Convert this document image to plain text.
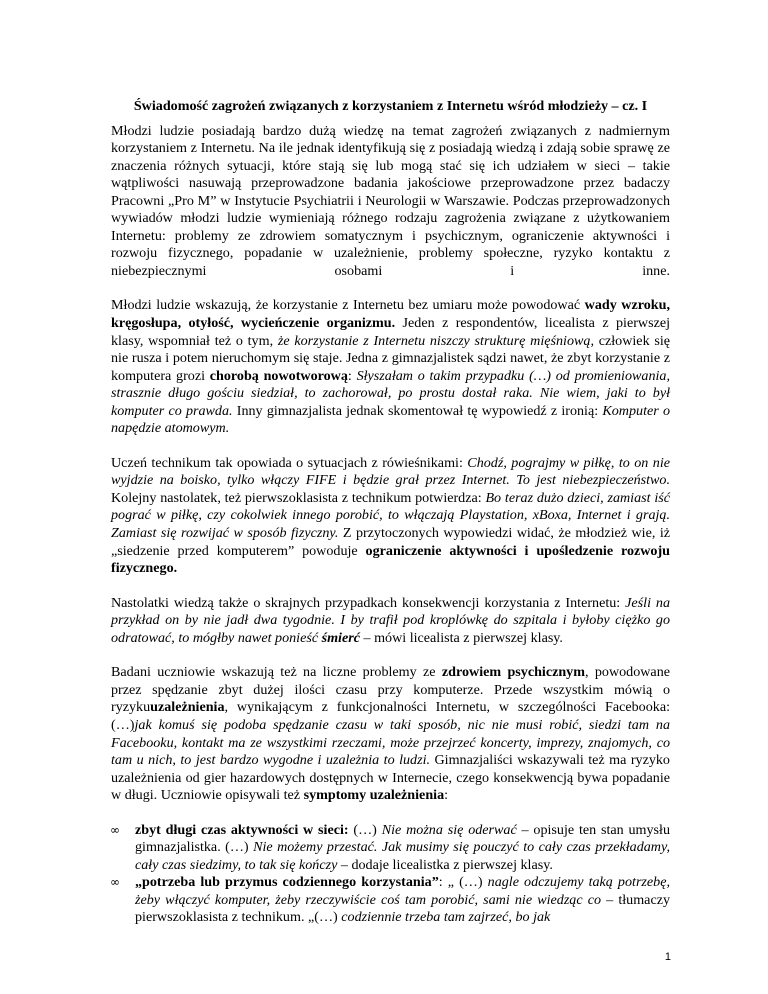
Świadomość zagrożeń związanych z korzystaniem z Internetu wśród młodzieży – cz. I

Młodzi ludzie posiadają bardzo dużą wiedzę na temat zagrożeń związanych z nadmiernym korzystaniem z Internetu. Na ile jednak identyfikują się z posiadają wiedzą i zdają sobie sprawę ze znaczenia różnych sytuacji, które stają się lub mogą stać się ich udziałem w sieci – takie wątpliwości nasuwają przeprowadzone badania jakościowe przeprowadzone przez badaczy Pracowni „Pro M” w Instytucie Psychiatrii i Neurologii w Warszawie. Podczas przeprowadzonych wywiadów młodzi ludzie wymieniają różnego rodzaju zagrożenia związane z użytkowaniem Internetu: problemy ze zdrowiem somatycznym i psychicznym, ograniczenie aktywności i rozwoju fizycznego, popadanie w uzależnienie, problemy społeczne, ryzyko kontaktu z niebezpiecznymi osobami i inne.

Młodzi ludzie wskazują, że korzystanie z Internetu bez umiaru może powodować wady wzroku, kręgosłupa, otyłość, wycieńczenie organizmu. Jeden z respondentów, licealista z pierwszej klasy, wspomniał też o tym, że korzystanie z Internetu niszczy strukturę mięśniową, człowiek się nie rusza i potem nieruchomym się staje. Jedna z gimnazjalistek sądzi nawet, że zbyt korzystanie z komputera grozi chorobą nowotworową: Słyszałam o takim przypadku (…) od promieniowania, strasznie długo gościu siedział, to zachorował, po prostu dostał raka. Nie wiem, jaki to był komputer co prawda. Inny gimnazjalista jednak skomentował tę wypowiedź z ironią: Komputer o napędzie atomowym.

Uczeń technikum tak opowiada o sytuacjach z rówieśnikami: Chodź, pograjmy w piłkę, to on nie wyjdzie na boisko, tylko włączy FIFE i będzie grał przez Internet. To jest niebezpieczeństwo. Kolejny nastolatek, też pierwszoklasista z technikum potwierdza: Bo teraz dużo dzieci, zamiast iść pograć w piłkę, czy cokolwiek innego porobić, to włączają Playstation, xBoxa, Internet i grają. Zamiast się rozwijać w sposób fizyczny. Z przytoczonych wypowiedzi widać, że młodzież wie, iż „siedzenie przed komputerem” powoduje ograniczenie aktywności i upośledzenie rozwoju fizycznego.

Nastolatki wiedzą także o skrajnych przypadkach konsekwencji korzystania z Internetu: Jeśli na przykład on by nie jadł dwa tygodnie. I by trafił pod kroplówkę do szpitala i byłoby ciężko go odratować, to mógłby nawet ponieść śmierć – mówi licealista z pierwszej klasy.

Badani uczniowie wskazują też na liczne problemy ze zdrowiem psychicznym, powodowane przez spędzanie zbyt dużej ilości czasu przy komputerze. Przede wszystkim mówią o ryzykuuzależnienia, wynikającym z funkcjonalności Internetu, w szczególności Facebooka: (…)jak komuś się podoba spędzanie czasu w taki sposób, nic nie musi robić, siedzi tam na Facebooku, kontakt ma ze wszystkimi rzeczami, może przejrzeć koncerty, imprezy, znajomych, co tam u nich, to jest bardzo wygodne i uzależnia to ludzi. Gimnazjaliści wskazywali też ma ryzyko uzależnienia od gier hazardowych dostępnych w Internecie, czego konsekwencją bywa popadanie w długi. Uczniowie opisywali też symptomy uzależnienia:

∞ zbyt długi czas aktywności w sieci: (…) Nie można się oderwać – opisuje ten stan umysłu gimnazjalistka. (…) Nie możemy przestać. Jak musimy się pouczyć to cały czas przekładamy, cały czas siedzimy, to tak się kończy – dodaje licealistka z pierwszej klasy.
∞ „potrzeba lub przymus codziennego korzystania”: „ (…) nagle odczujemy taką potrzebę, żeby włączyć komputer, żeby rzeczywiście coś tam porobić, sami nie wiedząc co – tłumaczy pierwszoklasista z technikum. „(…) codziennie trzeba tam zajrzeć, bo jak
1
